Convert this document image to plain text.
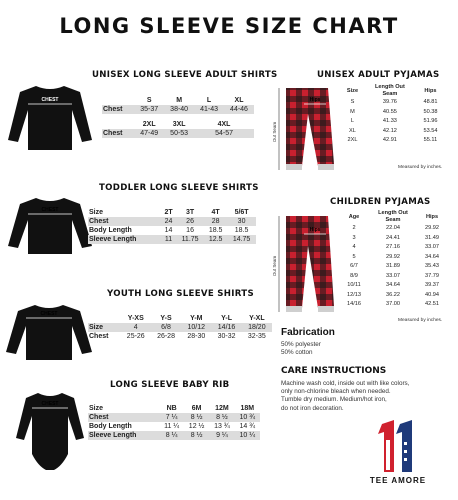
LONG SLEEVE SIZE CHART
UNISEX LONG SLEEVE ADULT SHIRTS
CHEST
		S	M	L	XL
Chest	35-37	38-40	41-43	44-46

	2XL	3XL	4XL	
Chest	47-49	50-53	54-57	
TODDLER LONG SLEEVE SHIRTS
CHEST	Size	2T	3T	4T	5/6T
Chest	24	26	28	30
Body Length	14	16	18.5	18.5
Sleeve Length	11	11.75	12.5	14.75
YOUTH LONG SLEEVE SHIRTS
CHEST
	Y-XS	Y-S	Y-M	Y-L	Y-XL
Size	4	6/8	10/12	14/16	18/20
Chest	25-26	26-28	28-30	30-32	32-35
LONG SLEEVE BABY RIB
CHEST
Size	NB	6M	12M	18M
Chest	7 ¼	8 ½	8 ½	10 ¾
Body Length	11 ¼	12 ½	13 ¾	14 ¾
Sleeve Length	8 ¼	8 ½	9 ¼	10 ¼
UNISEX ADULT PYJAMAS
Hips
Out Seam
Size	Length Out Seam	Hips
S	39.76	48.81
M	40.55	50.38
L	41.33	51.96
XL	42.12	53.54
2XL	42.91	55.11
Measured by inches.
CHILDREN PYJAMAS
Hips
Out Seam
Age	Length Out Seam	Hips
2	22.04	29.92
3	24.41	31.49
4	27.16	33.07
5	29.92	34.64
6/7	31.89	35.43
8/9	33.07	37.79
10/11	34.64	39.37
12/13	36.22	40.94
14/16	37.00	42.51
Measured by inches.
Fabrication
50% polyester
50% cotton
CARE INSTRUCTIONS
Machine wash cold, inside out with like colors,
only non-chlorine bleach when needed.
Tumble dry medium. Medium/hot iron,
do not iron decoration.
TEE AMORE
